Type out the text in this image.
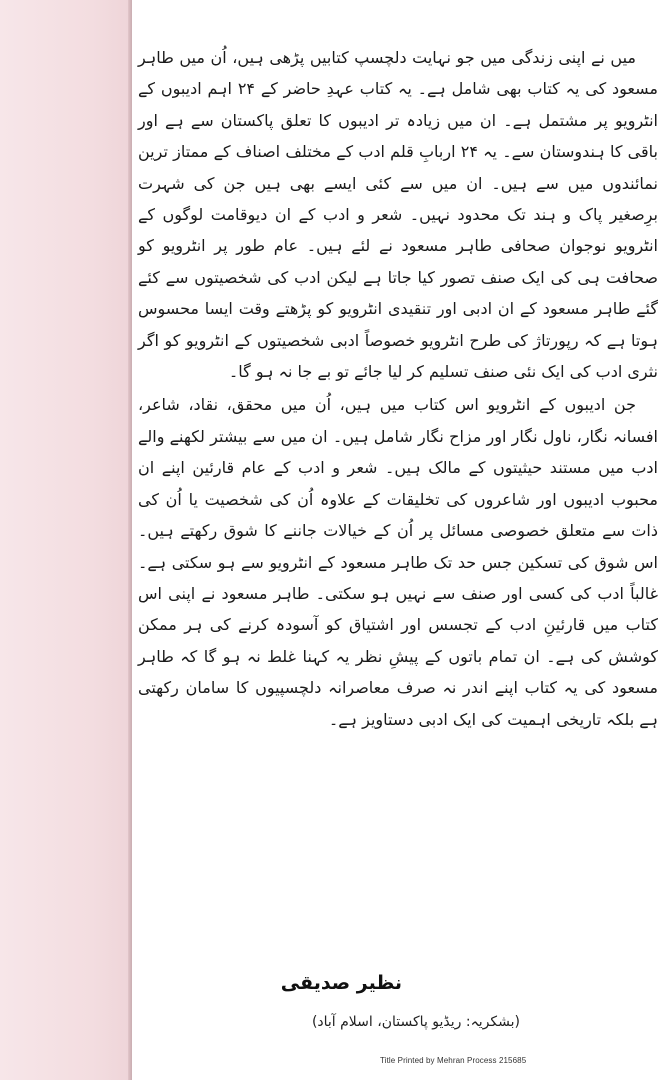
میں نے اپنی زندگی میں جو نہایت دلچسپ کتابیں پڑھی ہیں، اُن میں طاہر مسعود کی یہ کتاب بھی شامل ہے۔ یہ کتاب عہدِ حاضر کے ۲۴ اہم ادیبوں کے انٹرویو پر مشتمل ہے۔ ان میں زیادہ تر ادیبوں کا تعلق پاکستان سے ہے اور باقی کا ہندوستان سے۔ یہ ۲۴ اربابِ قلم ادب کے مختلف اصناف کے ممتاز ترین نمائندوں میں سے ہیں۔ ان میں سے کئی ایسے بھی ہیں جن کی شہرت برِصغیر پاک و ہند تک محدود نہیں۔ شعر و ادب کے ان دیوقامت لوگوں کے انٹرویو نوجوان صحافی طاہر مسعود نے لئے ہیں۔ عام طور پر انٹرویو کو صحافت ہی کی ایک صنف تصور کیا جاتا ہے لیکن ادب کی شخصیتوں سے کئے گئے طاہر مسعود کے ان ادبی اور تنقیدی انٹرویو کو پڑھتے وقت ایسا محسوس ہوتا ہے کہ رپورتاژ کی طرح انٹرویو خصوصاً ادبی شخصیتوں کے انٹرویو کو اگر نثری ادب کی ایک نئی صنف تسلیم کر لیا جائے تو بے جا نہ ہو گا۔

جن ادیبوں کے انٹرویو اس کتاب میں ہیں، اُن میں محقق، نقاد، شاعر، افسانہ نگار، ناول نگار اور مزاح نگار شامل ہیں۔ ان میں سے بیشتر لکھنے والے ادب میں مستند حیثیتوں کے مالک ہیں۔ شعر و ادب کے عام قارئین اپنے ان محبوب ادیبوں اور شاعروں کی تخلیقات کے علاوہ اُن کی شخصیت یا اُن کی ذات سے متعلق خصوصی مسائل پر اُن کے خیالات جاننے کا شوق رکھتے ہیں۔ اس شوق کی تسکین جس حد تک طاہر مسعود کے انٹرویو سے ہو سکتی ہے۔ غالباً ادب کی کسی اور صنف سے نہیں ہو سکتی۔ طاہر مسعود نے اپنی اس کتاب میں قارئینِ ادب کے تجسس اور اشتیاق کو آسودہ کرنے کی ہر ممکن کوشش کی ہے۔ ان تمام باتوں کے پیشِ نظر یہ کہنا غلط نہ ہو گا کہ طاہر مسعود کی یہ کتاب اپنے اندر نہ صرف معاصرانہ دلچسپیوں کا سامان رکھتی ہے بلکہ تاریخی اہمیت کی ایک ادبی دستاویز ہے۔

نظیر صدیقی
(بشکریہ: ریڈیو پاکستان، اسلام آباد)
Title Printed by Mehran Process 215685
